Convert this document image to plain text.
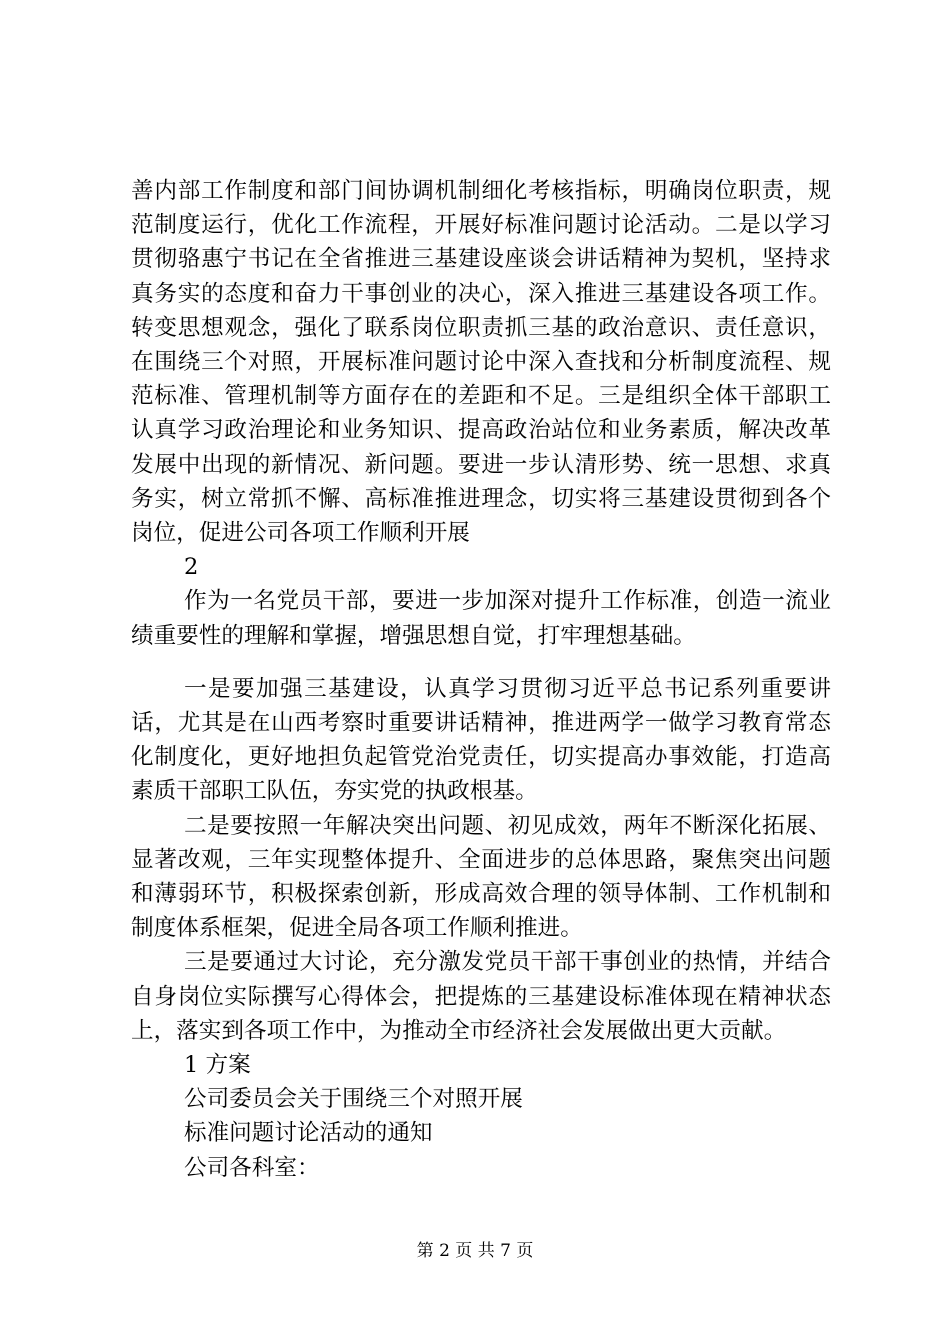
善内部工作制度和部门间协调机制细化考核指标，明确岗位职责，规范制度运行，优化工作流程，开展好标准问题讨论活动。二是以学习贯彻骆惠宁书记在全省推进三基建设座谈会讲话精神为契机，坚持求真务实的态度和奋力干事创业的决心，深入推进三基建设各项工作。转变思想观念，强化了联系岗位职责抓三基的政治意识、责任意识，在围绕三个对照，开展标准问题讨论中深入查找和分析制度流程、规范标准、管理机制等方面存在的差距和不足。三是组织全体干部职工认真学习政治理论和业务知识、提高政治站位和业务素质，解决改革发展中出现的新情况、新问题。要进一步认清形势、统一思想、求真务实，树立常抓不懈、高标准推进理念，切实将三基建设贯彻到各个岗位，促进公司各项工作顺利开展

2

作为一名党员干部，要进一步加深对提升工作标准，创造一流业绩重要性的理解和掌握，增强思想自觉，打牢理想基础。

一是要加强三基建设，认真学习贯彻习近平总书记系列重要讲话，尤其是在山西考察时重要讲话精神，推进两学一做学习教育常态化制度化，更好地担负起管党治党责任，切实提高办事效能，打造高素质干部职工队伍，夯实党的执政根基。

二是要按照一年解决突出问题、初见成效，两年不断深化拓展、显著改观，三年实现整体提升、全面进步的总体思路，聚焦突出问题和薄弱环节，积极探索创新，形成高效合理的领导体制、工作机制和制度体系框架，促进全局各项工作顺利推进。

三是要通过大讨论，充分激发党员干部干事创业的热情，并结合自身岗位实际撰写心得体会，把提炼的三基建设标准体现在精神状态上，落实到各项工作中，为推动全市经济社会发展做出更大贡献。

1 方案

公司委员会关于围绕三个对照开展

标准问题讨论活动的通知

公司各科室：

第 2 页 共 7 页
